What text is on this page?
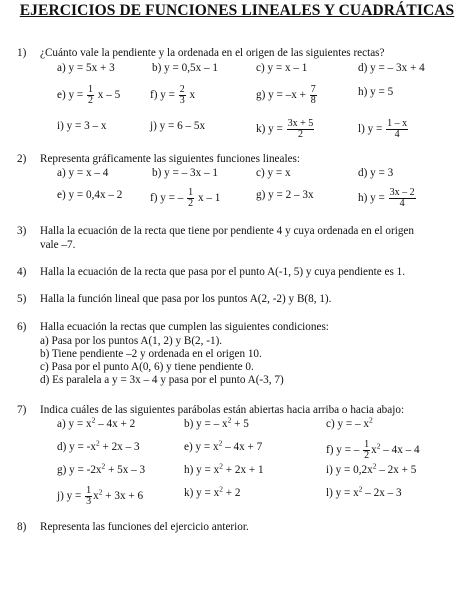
EJERCICIOS DE FUNCIONES LINEALES Y CUADRÁTICAS
1) ¿Cuánto vale la pendiente y la ordenada en el origen de las siguientes rectas?
a) y = 5x + 3	b) y = 0,5x – 1	c) y = x – 1	d) y = – 3x + 4
e) $y = \frac{1}{2}$ x – 5	f) $y = \frac{2}{3}$ x	g) $y = -x + \frac{7}{8}$	h) y = 5
i) y = 3 – x	j) y = 6 – 5x	k) $y = \frac{3x + 5}{2}$	l) $y = \frac{1 - x}{4}$
2) Representa gráficamente las siguientes funciones lineales:
a) y = x – 4	b) y = – 3x – 1	c) y = x	d) y = 3
e) y = 0,4x – 2 f) y = – $\frac{1}{2}$ x – 1	g) y = 2 – 3x	h) $y = \frac{3x - 2}{4}$
3) Halla la ecuación de la recta que tiene por pendiente 4 y cuya ordenada en el origen
vale –7.
4) Halla la ecuación de la recta que pasa por el punto A(-1, 5) y cuya pendiente es 1.
5) Halla la función lineal que pasa por los puntos A(2, -2) y B(8, 1).
6) Halla ecuación la rectas que cumplen las siguientes condiciones:
a) Pasa por los puntos A(1, 2) y B(2, -1).
b) Tiene pendiente –2 y ordenada en el origen 10.
c) Pasa por el punto A(0, 6) y tiene pendiente 0.
d) Es paralela a y = 3x – 4 y pasa por el punto A(-3, 7)
7) Indica cuáles de las siguientes parábolas están abiertas hacia arriba o hacia abajo:
a) $y = x^2 - 4x + 2$	b) y = – $x^2 + 5$	c) y = – $x^2$
d) $y = -x^2 + 2x - 3$	e) $y = x^2 - 4x + 7$	f) y = – $\frac{1}{2} x^2 - 4x - 4$
g) $y = -2x^2 + 5x - 3$	h) $y = x^2 + 2x + 1$	i) $y = 0,2x^2 - 2x + 5$
j) $y = \frac{1}{3} x^2 + 3x + 6$	k) $y = x^2 + 2$	l) $y = x^2 - 2x - 3$
8) Representa las funciones del ejercicio anterior.
